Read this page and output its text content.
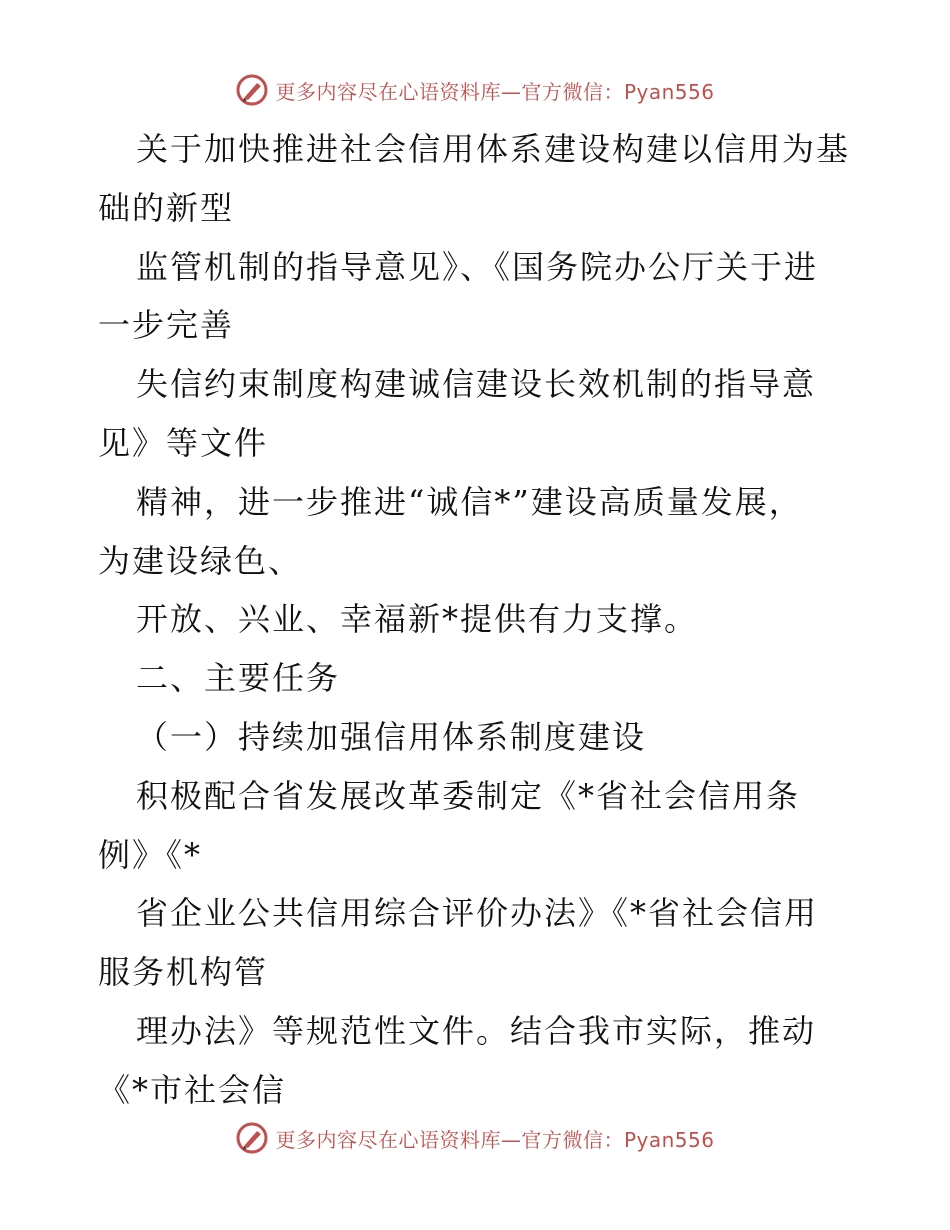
更多内容尽在心语资料库—官方微信：Pyan556
关于加快推进社会信用体系建设构建以信用为基
础的新型
监管机制的指导意见》、《国务院办公厅关于进
一步完善
失信约束制度构建诚信建设长效机制的指导意
见》等文件
精神，进一步推进“诚信*”建设高质量发展，
为建设绿色、
开放、兴业、幸福新*提供有力支撑。
二、主要任务
（一）持续加强信用体系制度建设
积极配合省发展改革委制定《*省社会信用条
例》《*
省企业公共信用综合评价办法》《*省社会信用
服务机构管
理办法》等规范性文件。结合我市实际，推动
《*市社会信
更多内容尽在心语资料库—官方微信：Pyan556
